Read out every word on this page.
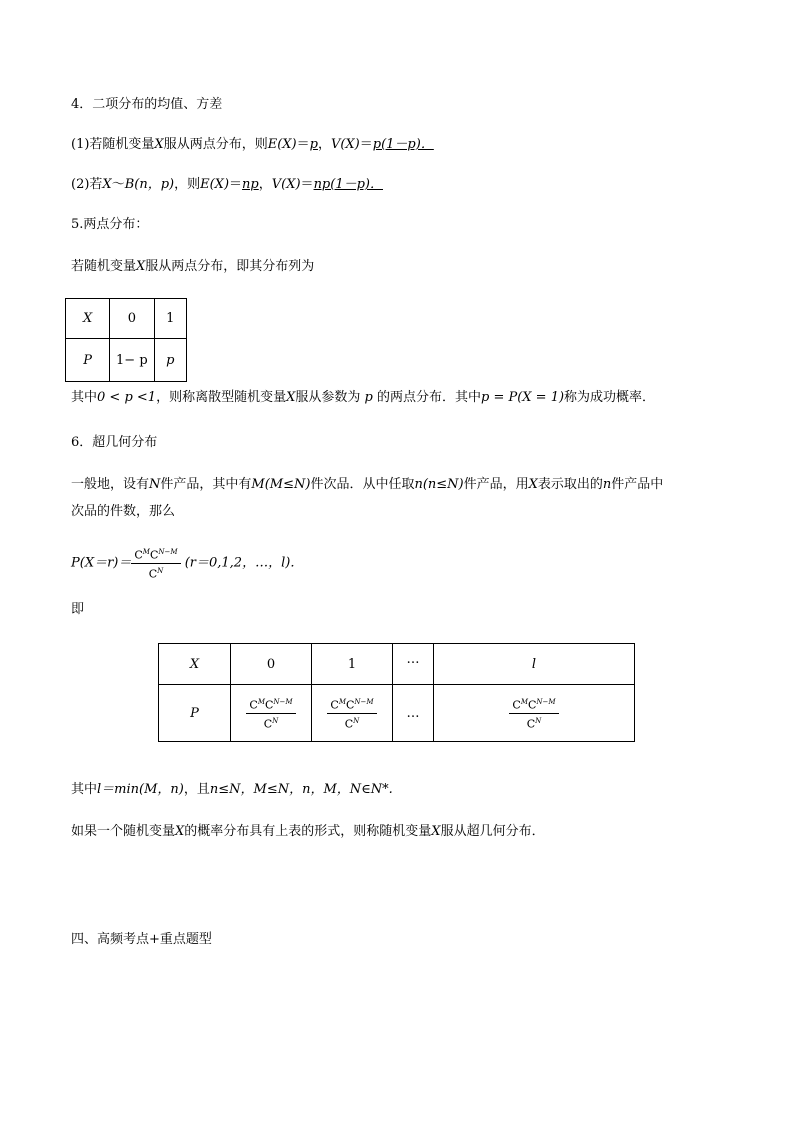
4．二项分布的均值、方差
(1)若随机变量X服从两点分布，则E(X)＝p，V(X)＝p(1－p)．
(2)若X～B(n，p)，则E(X)＝np，V(X)＝np(1－p)．
5.两点分布：
若随机变量X服从两点分布，即其分布列为
X	0	1
P	1− p	p
其中0 < p <1，则称离散型随机变量X服从参数为 p 的两点分布．其中p = P(X = 1)称为成功概率．
6．超几何分布
一般地，设有N件产品，其中有M(M≤N)件次品．从中任取n(n≤N)件产品，用X表示取出的n件产品中
次品的件数，那么
$P(X=r)= \frac{C^MC^{N-M}}{C^N} (r=0,1,2$，…，l)．
即
X	0	1	…	l
P	$\frac{C^MC^{N-M}}{C^N}$	$\frac{C^MC^{N-M}}{C^N}$	…	$\frac{C^MC^{N-M}}{C^N}$
其中l＝min(M，n)，且n≤N，M≤N，n，M，N∈N*.
如果一个随机变量X的概率分布具有上表的形式，则称随机变量X服从超几何分布．
四、高频考点+重点题型
